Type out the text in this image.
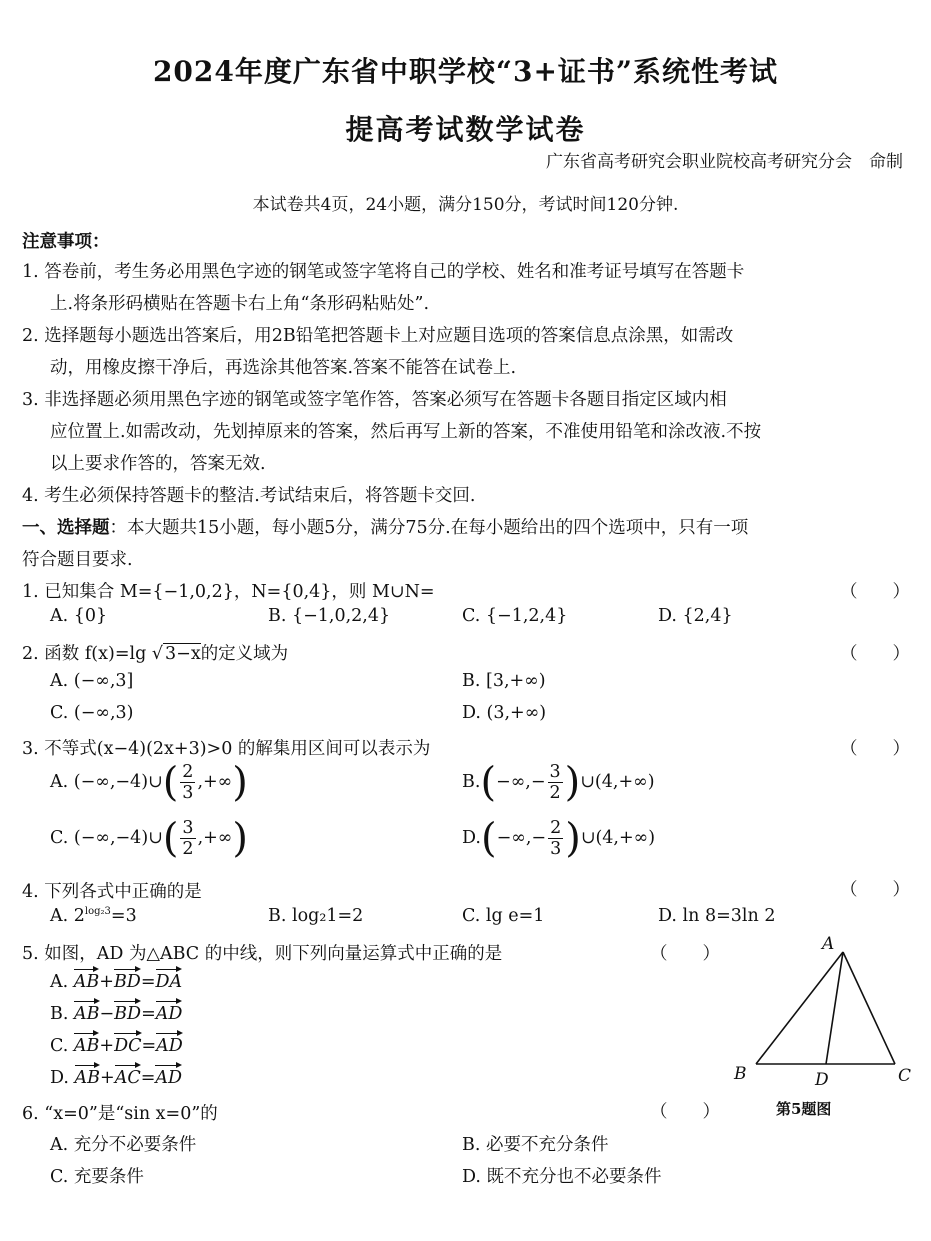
2024年度广东省中职学校“3+证书”系统性考试
提高考试数学试卷
广东省高考研究会职业院校高考研究分会　命制
本试卷共4页，24小题，满分150分，考试时间120分钟.
注意事项：
1. 答卷前，考生务必用黑色字迹的钢笔或签字笔将自己的学校、姓名和准考证号填写在答题卡
上.将条形码横贴在答题卡右上角“条形码粘贴处”.
2. 选择题每小题选出答案后，用2B铅笔把答题卡上对应题目选项的答案信息点涂黑，如需改
动，用橡皮擦干净后，再选涂其他答案.答案不能答在试卷上.
3. 非选择题必须用黑色字迹的钢笔或签字笔作答，答案必须写在答题卡各题目指定区域内相
应位置上.如需改动，先划掉原来的答案，然后再写上新的答案，不准使用铅笔和涂改液.不按
以上要求作答的，答案无效.
4. 考生必须保持答题卡的整洁.考试结束后，将答题卡交回.
一、选择题：本大题共15小题，每小题5分，满分75分.在每小题给出的四个选项中，只有一项
符合题目要求.
1. 已知集合 M={−1,0,2}，N={0,4}，则 M∪N=	（　　）
A. {0}	B. {−1,0,2,4}	C. {−1,2,4}	D. {2,4}
2. 函数 f(x)=lg √ 3−x的定义域为	（　　）
A. (−∞,3]	B. [3,+∞)
C. (−∞,3)	D. (3,+∞)
3. 不等式(x−4)(2x+3)>0 的解集用区间可以表示为	（　　）
A. (−∞,−4)∪( $\frac{2}{3}$ ,+∞)	$B.(-\infty,- \frac{3}{2}$ )∪(4,+∞)
C. (−∞,−4)∪( $\frac{3}{2}$ ,+∞)	$D.(-\infty,- \frac{2}{3}$ )∪(4,+∞)
4. 下列各式中正确的是	（　　）
A. $2^{log_23}=3$	B. log₂1=2	C. lg e=1	D. ln 8=3ln 2
5. 如图，AD 为△ABC 的中线，则下列向量运算式中正确的是	（　　）
A. AB+BD=DA
B. AB−BD=AD
C. AB+DC=AD
D. AB+AC=AD
A
B	D	C
第5题图
6. “x=0”是“sin x=0”的	（　　）
A. 充分不必要条件	B. 必要不充分条件
C. 充要条件	D. 既不充分也不必要条件
